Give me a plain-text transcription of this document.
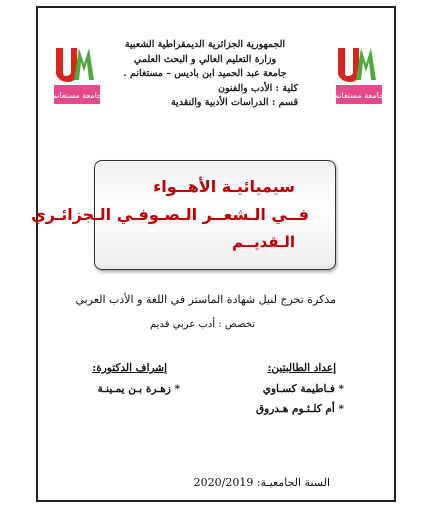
جامعة مستغانم	جامعة مستغانم
الجمهورية الجزائرية الديمقراطية الشعبية
وزارة التعليم العالي و البحث العلمي
جامعة عبد الحميد ابن باديس – مستغانم .
كلية : الأدب والفنون
قسم : الدراسات الأدبية والنقدية
سيميائيـة الأهــواء
فــي الـشعــر الـصـوفـي الـجزائـري
الـقديــم
مذكرة تخرج لنيل شهادة الماستر في اللغة و الأدب العربي
تخصص : أدب عربي قديم
إعداد الطالبتين:
إشراف الدكتورة:
* فـاطيمة كسـاوي
* أم كلـثـوم هـدروق
* زهـرة بـن يمـينـة
السنة الجامعيـة: 2020/2019
